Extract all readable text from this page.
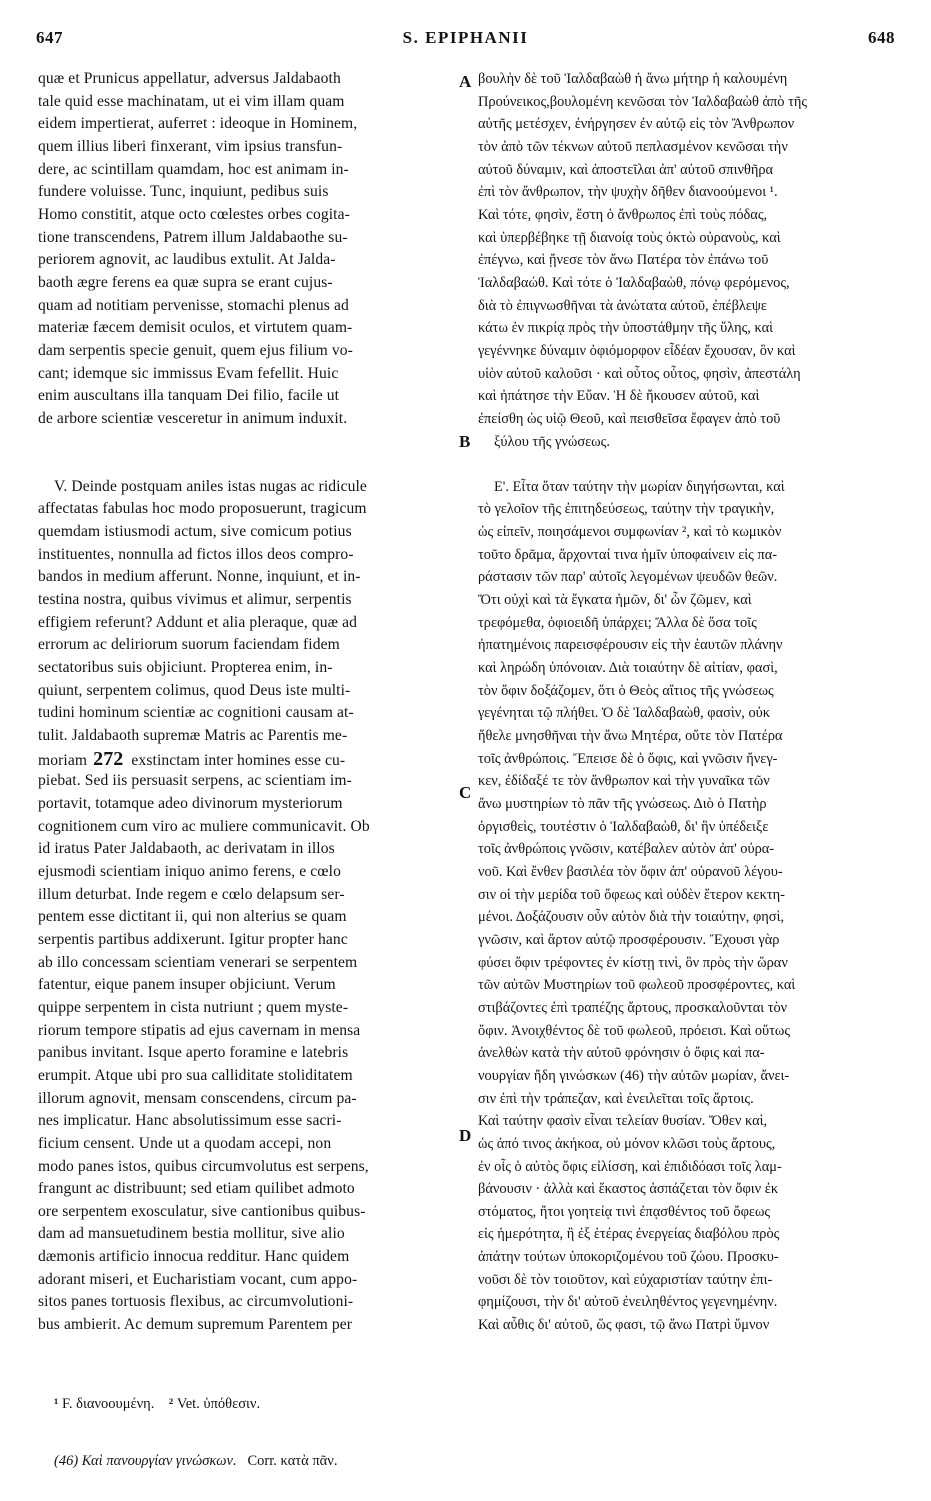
647	S. EPIPHANII	648
A
B
C
D
quæ et Prunicus appellatur, adversus Jaldabaoth
tale quid esse machinatam, ut ei vim illam quam
eidem impertierat, auferret : ideoque in Hominem,
quem illius liberi finxerant, vim ipsius transfun-
dere, ac scintillam quamdam, hoc est animam in-
fundere voluisse. Tunc, inquiunt, pedibus suis
Homo constitit, atque octo cœlestes orbes cogita-
tione transcendens, Patrem illum Jaldabaothe su-
periorem agnovit, ac laudibus extulit. At Jalda-
baoth ægre ferens ea quæ supra se erant cujus-
quam ad notitiam pervenisse, stomachi plenus ad
materiæ fæcem demisit oculos, et virtutem quam-
dam serpentis specie genuit, quem ejus filium vo-
cant; idemque sic immissus Evam fefellit. Huic
enim auscultans illa tanquam Dei filio, facile ut
de arbore scientiæ vesceretur in animum induxit.
V. Deinde postquam aniles istas nugas ac ridicule
affectatas fabulas hoc modo proposuerunt, tragicum
quemdam istiusmodi actum, sive comicum potius
instituentes, nonnulla ad fictos illos deos compro-
bandos in medium afferunt. Nonne, inquiunt, et in-
testina nostra, quibus vivimus et alimur, serpentis
effigiem referunt? Addunt et alia pleraque, quæ ad
errorum ac deliriorum suorum faciendam fidem
sectatoribus suis objiciunt. Propterea enim, in-
quiunt, serpentem colimus, quod Deus iste multi-
tudini hominum scientiæ ac cognitioni causam at-
tulit. Jaldabaoth supremæ Matris ac Parentis me-
moriam 272 exstinctam inter homines esse cu-
piebat. Sed iis persuasit serpens, ac scientiam im-
portavit, totamque adeo divinorum mysteriorum
cognitionem cum viro ac muliere communicavit. Ob
id iratus Pater Jaldabaoth, ac derivatam in illos
ejusmodi scientiam iniquo animo ferens, e cœlo
illum deturbat. Inde regem e cœlo delapsum ser-
pentem esse dictitant ii, qui non alterius se quam
serpentis partibus addixerunt. Igitur propter hanc
ab illo concessam scientiam venerari se serpentem
fatentur, eique panem insuper objiciunt. Verum
quippe serpentem in cista nutriunt ; quem myste-
riorum tempore stipatis ad ejus cavernam in mensa
panibus invitant. Isque aperto foramine e latebris
erumpit. Atque ubi pro sua calliditate stoliditatem
illorum agnovit, mensam conscendens, circum pa-
nes implicatur. Hanc absolutissimum esse sacri-
ficium censent. Unde ut a quodam accepi, non
modo panes istos, quibus circumvolutus est serpens,
frangunt ac distribuunt; sed etiam quilibet admoto
ore serpentem exosculatur, sive cantionibus quibus-
dam ad mansuetudinem bestia mollitur, sive alio
dæmonis artificio innocua redditur. Hanc quidem
adorant miseri, et Eucharistiam vocant, cum appo-
sitos panes tortuosis flexibus, ac circumvolutioni-
bus ambierit. Ac demum supremum Parentem per
βουλὴν δὲ τοῦ Ἰαλδαβαὼθ ἡ ἄνω μήτηρ ἡ καλουμένη
Προύνεικος,βουλομένη κενῶσαι τὸν Ἰαλδαβαὼθ ἀπὸ τῆς
αὐτῆς μετέσχεν, ἐνήργησεν ἐν αὐτῷ εἰς τὸν Ἄνθρωπον
τὸν ἀπὸ τῶν τέκνων αὐτοῦ πεπλασμένον κενῶσαι τὴν
αὐτοῦ δύναμιν, καὶ ἀποστεῖλαι ἀπ' αὐτοῦ σπινθῆρα
ἐπὶ τὸν ἄνθρωπον, τὴν ψυχὴν δῆθεν διανοούμενοι ¹.
Καὶ τότε, φησὶν, ἔστη ὁ ἄνθρωπος ἐπὶ τοὺς πόδας,
καὶ ὑπερβέβηκε τῇ διανοίᾳ τοὺς ὀκτὼ οὐρανοὺς, καὶ
ἐπέγνω, καὶ ᾔνεσε τὸν ἄνω Πατέρα τὸν ἐπάνω τοῦ
Ἰαλδαβαώθ. Καὶ τότε ὁ Ἰαλδαβαὼθ, πόνῳ φερόμενος,
διὰ τὸ ἐπιγνωσθῆναι τὰ ἀνώτατα αὐτοῦ, ἐπέβλεψε
κάτω ἐν πικρίᾳ πρὸς τὴν ὑποστάθμην τῆς ὕλης, καὶ
γεγέννηκε δύναμιν ὀφιόμορφον εἶδέαν ἔχουσαν, ὃν καὶ
υἱὸν αὐτοῦ καλοῦσι · καὶ οὗτος οὗτος, φησὶν, ἀπεστάλη
καὶ ἠπάτησε τὴν Εὔαν. Ἡ δὲ ἤκουσεν αὐτοῦ, καὶ
ἐπείσθη ὡς υἱῷ Θεοῦ, καὶ πεισθεῖσα ἔφαγεν ἀπὸ τοῦ
ξύλου τῆς γνώσεως.
Ε'. Εἶτα ὅταν ταύτην τὴν μωρίαν διηγήσωνται, καὶ
τὸ γελοῖον τῆς ἐπιτηδεύσεως, ταύτην τὴν τραγικὴν,
ὡς εἰπεῖν, ποιησάμενοι συμφωνίαν ², καὶ τὸ κωμικὸν
τοῦτο δρᾶμα, ἄρχονταί τινα ἡμῖν ὑποφαίνειν εἰς πα-
ράστασιν τῶν παρ' αὐτοῖς λεγομένων ψευδῶν θεῶν.
Ὅτι οὐχὶ καὶ τὰ ἔγκατα ἡμῶν, δι' ὧν ζῶμεν, καὶ
τρεφόμεθα, ὀφιοειδῆ ὑπάρχει; Ἄλλα δὲ ὅσα τοῖς
ἠπατημένοις παρεισφέρουσιν εἰς τὴν ἑαυτῶν πλάνην
καὶ ληρώδη ὑπόνοιαν. Διὰ τοιαύτην δὲ αἰτίαν, φασὶ,
τὸν ὄφιν δοξάζομεν, ὅτι ὁ Θεὸς αἴτιος τῆς γνώσεως
γεγένηται τῷ πλήθει. Ὁ δὲ Ἰαλδαβαὼθ, φασὶν, οὐκ
ἤθελε μνησθῆναι τὴν ἄνω Μητέρα, οὔτε τὸν Πατέρα
τοῖς ἀνθρώποις. Ἔπεισε δὲ ὁ ὄφις, καὶ γνῶσιν ἤνεγ-
κεν, ἐδίδαξέ τε τὸν ἄνθρωπον καὶ τὴν γυναῖκα τῶν
ἄνω μυστηρίων τὸ πᾶν τῆς γνώσεως. Διὸ ὁ Πατὴρ
ὀργισθεὶς, τουτέστιν ὁ Ἰαλδαβαὼθ, δι' ἣν ὑπέδειξε
τοῖς ἀνθρώποις γνῶσιν, κατέβαλεν αὐτὸν ἀπ' οὐρα-
νοῦ. Καὶ ἔνθεν βασιλέα τὸν ὄφιν ἀπ' οὐρανοῦ λέγου-
σιν οἱ τὴν μερίδα τοῦ ὄφεως καὶ οὐδὲν ἕτερον κεκτη-
μένοι. Δοξάζουσιν οὖν αὐτὸν διὰ τὴν τοιαύτην, φησὶ,
γνῶσιν, καὶ ἄρτον αὐτῷ προσφέρουσιν. Ἔχουσι γὰρ
φύσει ὄφιν τρέφοντες ἐν κίστῃ τινὶ, ὃν πρὸς τὴν ὥραν
τῶν αὐτῶν Μυστηρίων τοῦ φωλεοῦ προσφέροντες, καὶ
στιβάζοντες ἐπὶ τραπέζης ἄρτους, προσκαλοῦνται τὸν
ὄφιν. Ἀνοιχθέντος δὲ τοῦ φωλεοῦ, πρόεισι. Καὶ οὕτως
ἀνελθὼν κατὰ τὴν αὐτοῦ φρόνησιν ὁ ὄφις καὶ πα-
νουργίαν ἤδη γινώσκων (46) τὴν αὐτῶν μωρίαν, ἄνει-
σιν ἐπὶ τὴν τράπεζαν, καὶ ἐνειλεῖται τοῖς ἄρτοις.
Καὶ ταύτην φασὶν εἶναι τελείαν θυσίαν. Ὅθεν καὶ,
ὡς ἀπό τινος ἀκήκοα, οὐ μόνον κλῶσι τοὺς ἄρτους,
ἐν οἷς ὁ αὐτὸς ὄφις εἰλίσση, καὶ ἐπιδιδόασι τοῖς λαμ-
βάνουσιν · ἀλλὰ καὶ ἕκαστος ἀσπάζεται τὸν ὄφιν ἐκ
στόματος, ἤτοι γοητείᾳ τινὶ ἐπᾳσθέντος τοῦ ὄφεως
εἰς ἡμερότητα, ἢ ἐξ ἑτέρας ἐνεργείας διαβόλου πρὸς
ἀπάτην τούτων ὑποκοριζομένου τοῦ ζώου. Προσκυ-
νοῦσι δὲ τὸν τοιοῦτον, καὶ εὐχαριστίαν ταύτην ἐπι-
φημίζουσι, τὴν δι' αὐτοῦ ἐνειληθέντος γεγενημένην.
Καὶ αὖθις δι' αὐτοῦ, ὥς φασι, τῷ ἄνω Πατρὶ ὕμνον
¹ F. διανοουμένη. ² Vet. ὑπόθεσιν.
(46) Καὶ πανουργίαν γινώσκων. Corr. κατὰ πᾶν.
